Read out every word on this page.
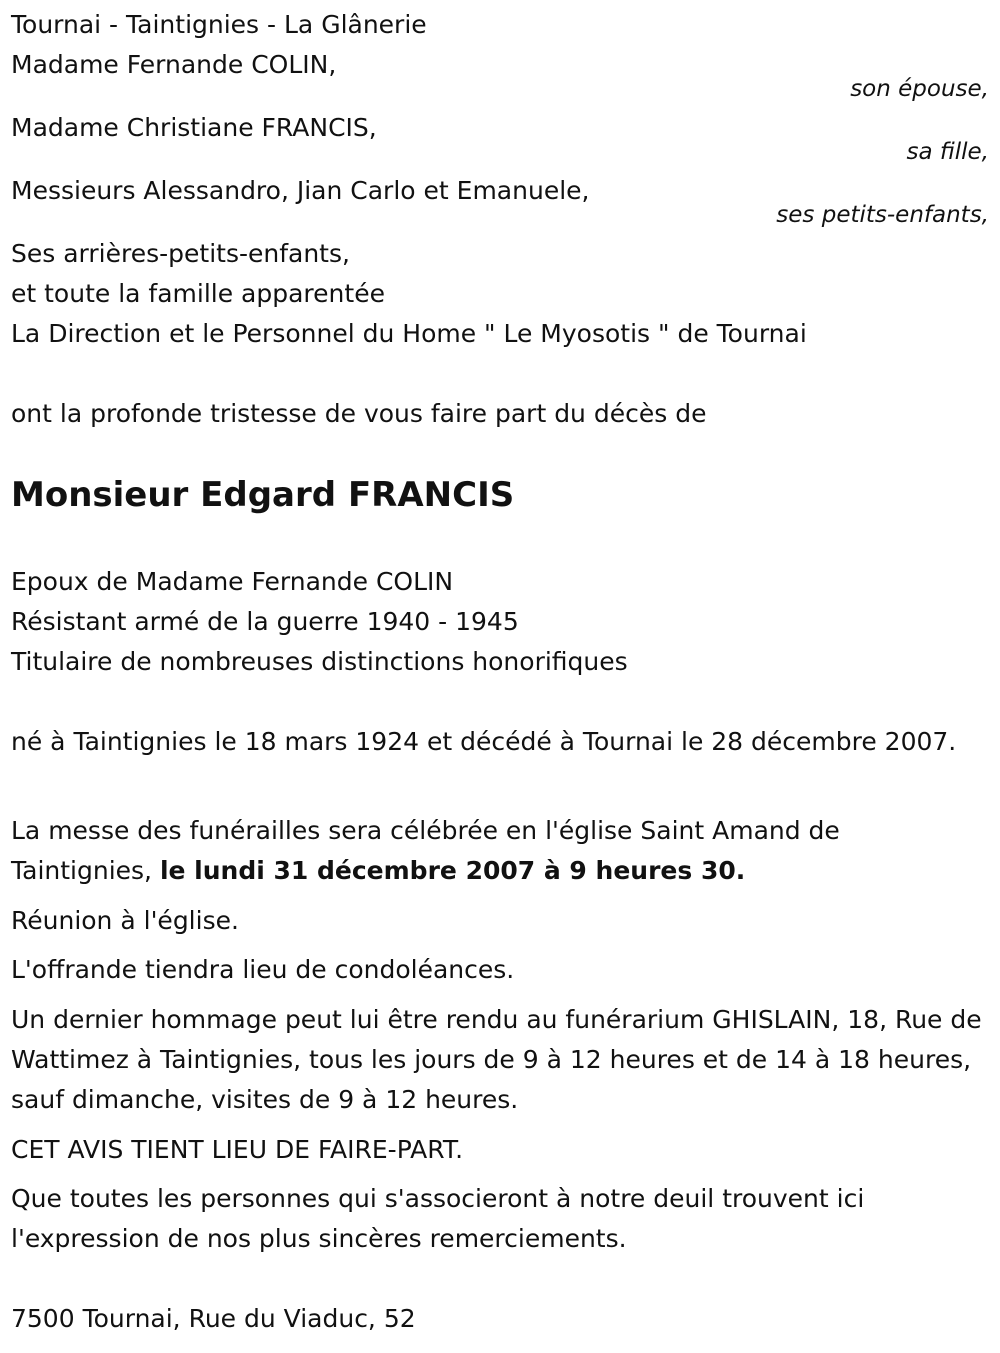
Tournai - Taintignies - La Glânerie
Madame Fernande COLIN,
son épouse,
Madame Christiane FRANCIS,
sa fille,
Messieurs Alessandro, Jian Carlo et Emanuele,
ses petits-enfants,
Ses arrières-petits-enfants,
et toute la famille apparentée
La Direction et le Personnel du Home " Le Myosotis " de Tournai
ont la profonde tristesse de vous faire part du décès de
Monsieur Edgard FRANCIS
Epoux de Madame Fernande COLIN
Résistant armé de la guerre 1940 - 1945
Titulaire de nombreuses distinctions honorifiques

né à Taintignies le 18 mars 1924 et décédé à Tournai le 28 décembre 2007.

La messe des funérailles sera célébrée en l'église Saint Amand de Taintignies, le lundi 31 décembre 2007 à 9 heures 30.

Réunion à l'église.

L'offrande tiendra lieu de condoléances.

Un dernier hommage peut lui être rendu au funérarium GHISLAIN, 18, Rue de Wattimez à Taintignies, tous les jours de 9 à 12 heures et de 14 à 18 heures, sauf dimanche, visites de 9 à 12 heures.

CET AVIS TIENT LIEU DE FAIRE-PART.

Que toutes les personnes qui s'associeront à notre deuil trouvent ici l'expression de nos plus sincères remerciements.

7500 Tournai, Rue du Viaduc, 52
